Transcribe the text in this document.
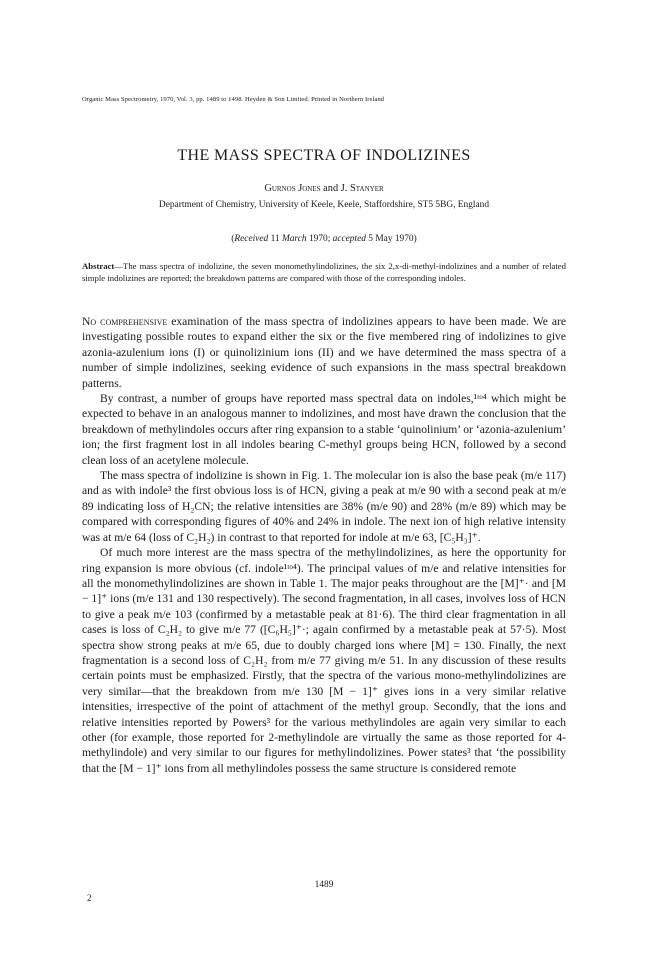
Organic Mass Spectrometry, 1970, Vol. 3, pp. 1489 to 1498. Heyden & Son Limited. Printed in Northern Ireland
THE MASS SPECTRA OF INDOLIZINES
Gurnos Jones and J. Stanyer
Department of Chemistry, University of Keele, Keele, Staffordshire, ST5 5BG, England
(Received 11 March 1970; accepted 5 May 1970)
Abstract—The mass spectra of indolizine, the seven monomethylindolizines, the six 2,x-di-methyl-indolizines and a number of related simple indolizines are reported; the breakdown patterns are compared with those of the corresponding indoles.

No comprehensive examination of the mass spectra of indolizines appears to have been made. We are investigating possible routes to expand either the six or the five membered ring of indolizines to give azonia-azulenium ions (I) or quinolizinium ions (II) and we have determined the mass spectra of a number of simple indolizines, seeking evidence of such expansions in the mass spectral breakdown patterns.

By contrast, a number of groups have reported mass spectral data on indoles,¹ᵗᵒ⁴ which might be expected to behave in an analogous manner to indolizines, and most have drawn the conclusion that the breakdown of methylindoles occurs after ring expansion to a stable ‘quinolinium’ or ‘azonia-azulenium’ ion; the first fragment lost in all indoles bearing C-methyl groups being HCN, followed by a second clean loss of an acetylene molecule.

The mass spectra of indolizine is shown in Fig. 1. The molecular ion is also the base peak (m/e 117) and as with indole³ the first obvious loss is of HCN, giving a peak at m/e 90 with a second peak at m/e 89 indicating loss of H₂CN; the relative intensities are 38% (m/e 90) and 28% (m/e 89) which may be compared with corresponding figures of 40% and 24% in indole. The next ion of high relative intensity was at m/e 64 (loss of C₂H₂) in contrast to that reported for indole at m/e 63, [C₅H₃]⁺.

Of much more interest are the mass spectra of the methylindolizines, as here the opportunity for ring expansion is more obvious (cf. indole¹ᵗᵒ⁴). The principal values of m/e and relative intensities for all the monomethylindolizines are shown in Table 1. The major peaks throughout are the [M]⁺· and [M − 1]⁺ ions (m/e 131 and 130 respectively). The second fragmentation, in all cases, involves loss of HCN to give a peak m/e 103 (confirmed by a metastable peak at 81·6). The third clear fragmentation in all cases is loss of C₂H₂ to give m/e 77 ([C₆H₅]⁺·; again confirmed by a metastable peak at 57·5). Most spectra show strong peaks at m/e 65, due to doubly charged ions where [M] = 130. Finally, the next fragmentation is a second loss of C₂H₂ from m/e 77 giving m/e 51. In any discussion of these results certain points must be emphasized. Firstly, that the spectra of the various mono-methylindolizines are very similar—that the breakdown from m/e 130 [M − 1]⁺ gives ions in a very similar relative intensities, irrespective of the point of attachment of the methyl group. Secondly, that the ions and relative intensities reported by Powers³ for the various methylindoles are again very similar to each other (for example, those reported for 2-methylindole are virtually the same as those reported for 4-methylindole) and very similar to our figures for methylindolizines. Power states³ that ‘the possibility that the [M − 1]⁺ ions from all methylindoles possess the same structure is considered remote

2
1489
